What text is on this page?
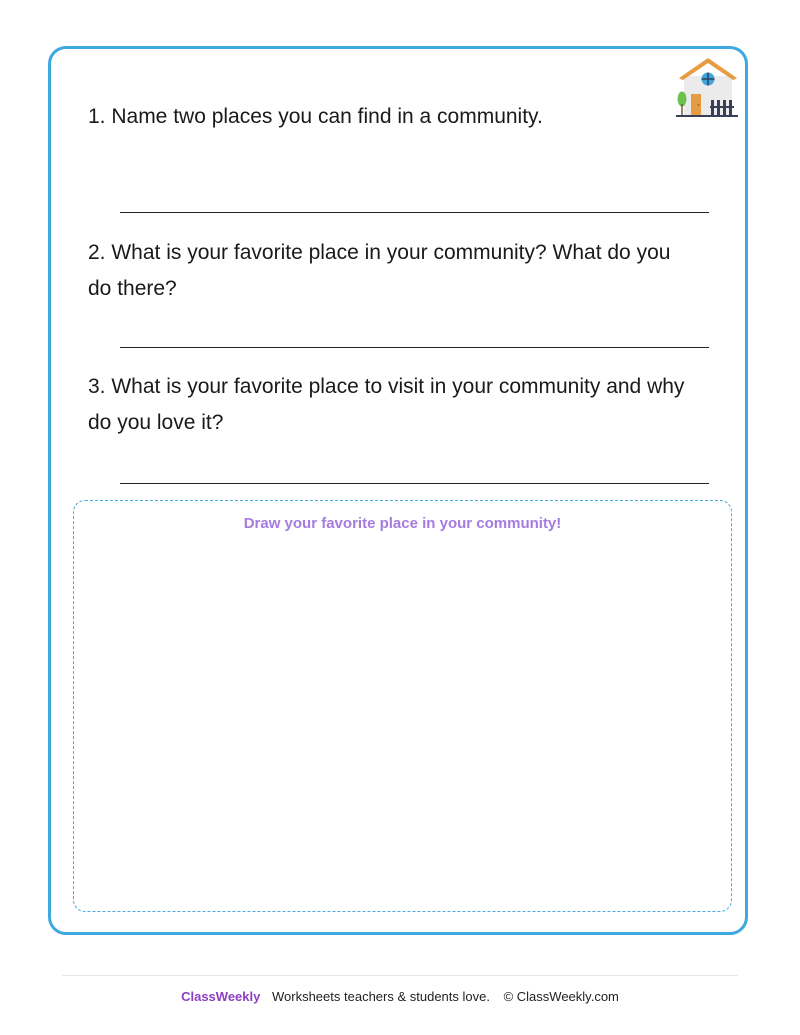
1. Name two places you can find in a community.
2. What is your favorite place in your community? What do you do there?
3. What is your favorite place to visit in your community and why do you love it?
Draw your favorite place in your community!
ClassWeekly Worksheets teachers & students love. © ClassWeekly.com
